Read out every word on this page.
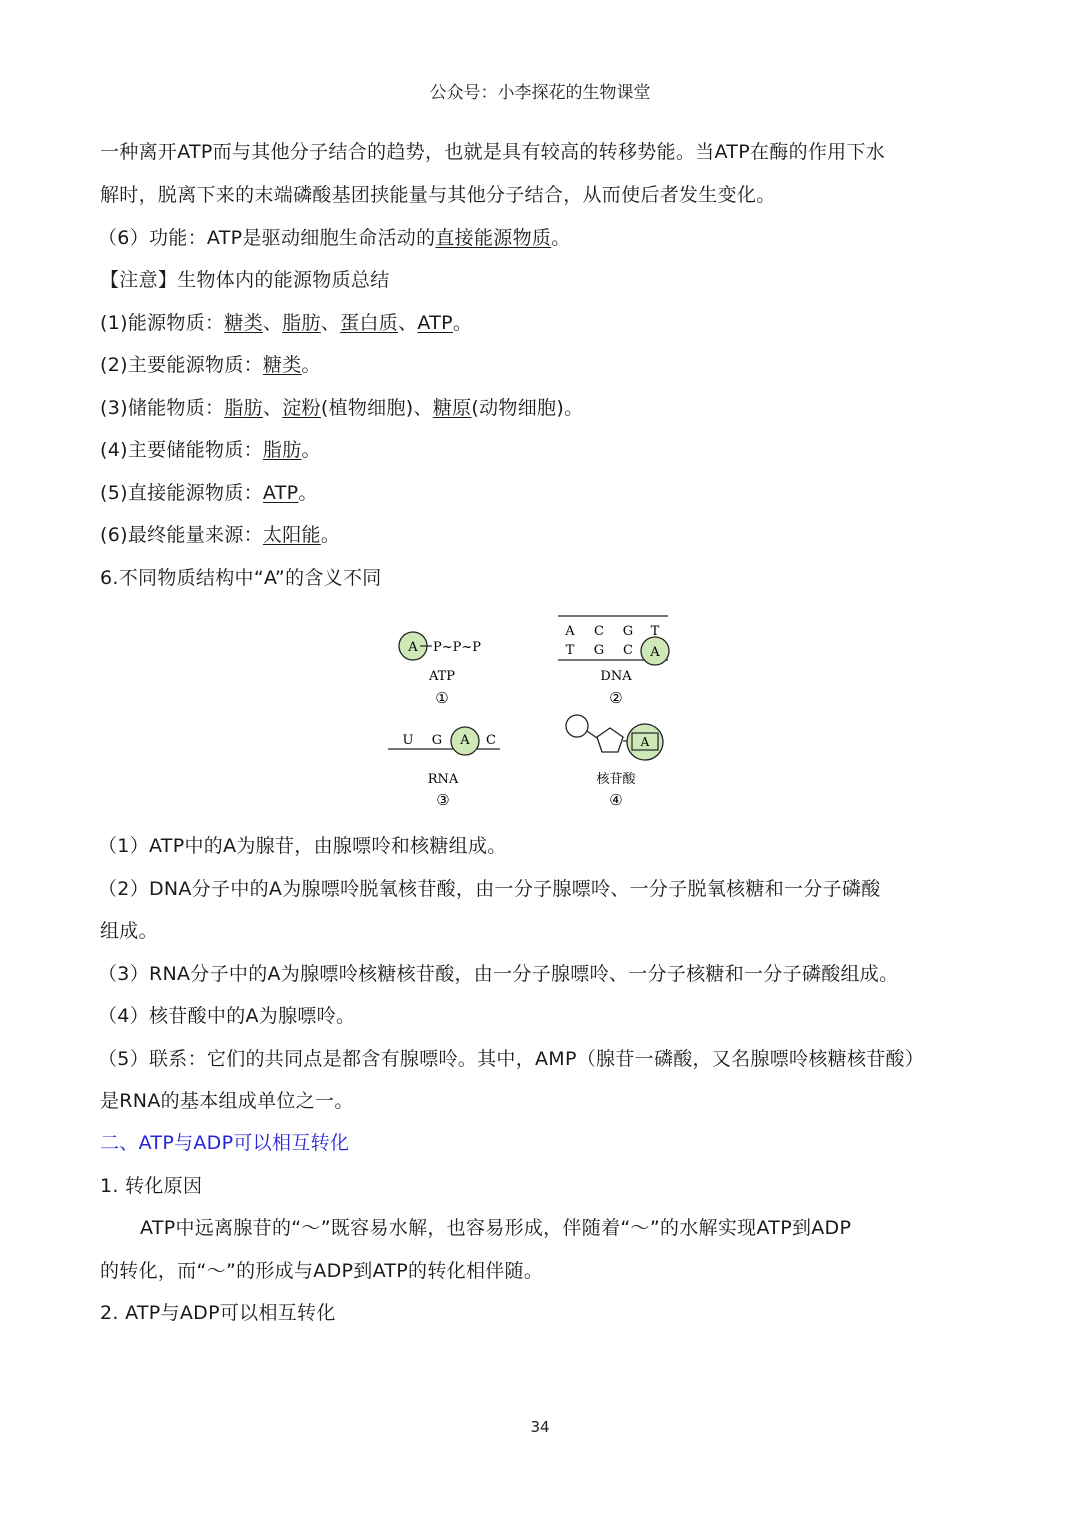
公众号：小李探花的生物课堂
一种离开ATP而与其他分子结合的趋势，也就是具有较高的转移势能。当ATP在酶的作用下水
解时，脱离下来的末端磷酸基团挟能量与其他分子结合，从而使后者发生变化。
（6）功能：ATP是驱动细胞生命活动的直接能源物质。
【注意】生物体内的能源物质总结
(1)能源物质：糖类、脂肪、蛋白质、ATP。
(2)主要能源物质：糖类。
(3)储能物质：脂肪、淀粉(植物细胞)、糖原(动物细胞)。
(4)主要储能物质：脂肪。
(5)直接能源物质：ATP。
(6)最终能量来源：太阳能。
6.不同物质结构中“A”的含义不同
A P~P~P
ATP
①
A C G T
T G C A
DNA
②
U G A C
RNA
③
A
核苷酸
④
（1）ATP中的A为腺苷，由腺嘌呤和核糖组成。
（2）DNA分子中的A为腺嘌呤脱氧核苷酸，由一分子腺嘌呤、一分子脱氧核糖和一分子磷酸
组成。
（3）RNA分子中的A为腺嘌呤核糖核苷酸，由一分子腺嘌呤、一分子核糖和一分子磷酸组成。
（4）核苷酸中的A为腺嘌呤。
（5）联系：它们的共同点是都含有腺嘌呤。其中，AMP（腺苷一磷酸，又名腺嘌呤核糖核苷酸）
是RNA的基本组成单位之一。
二、ATP与ADP可以相互转化
1. 转化原因
ATP中远离腺苷的“～”既容易水解，也容易形成，伴随着“～”的水解实现ATP到ADP
的转化，而“～”的形成与ADP到ATP的转化相伴随。
2. ATP与ADP可以相互转化
34
